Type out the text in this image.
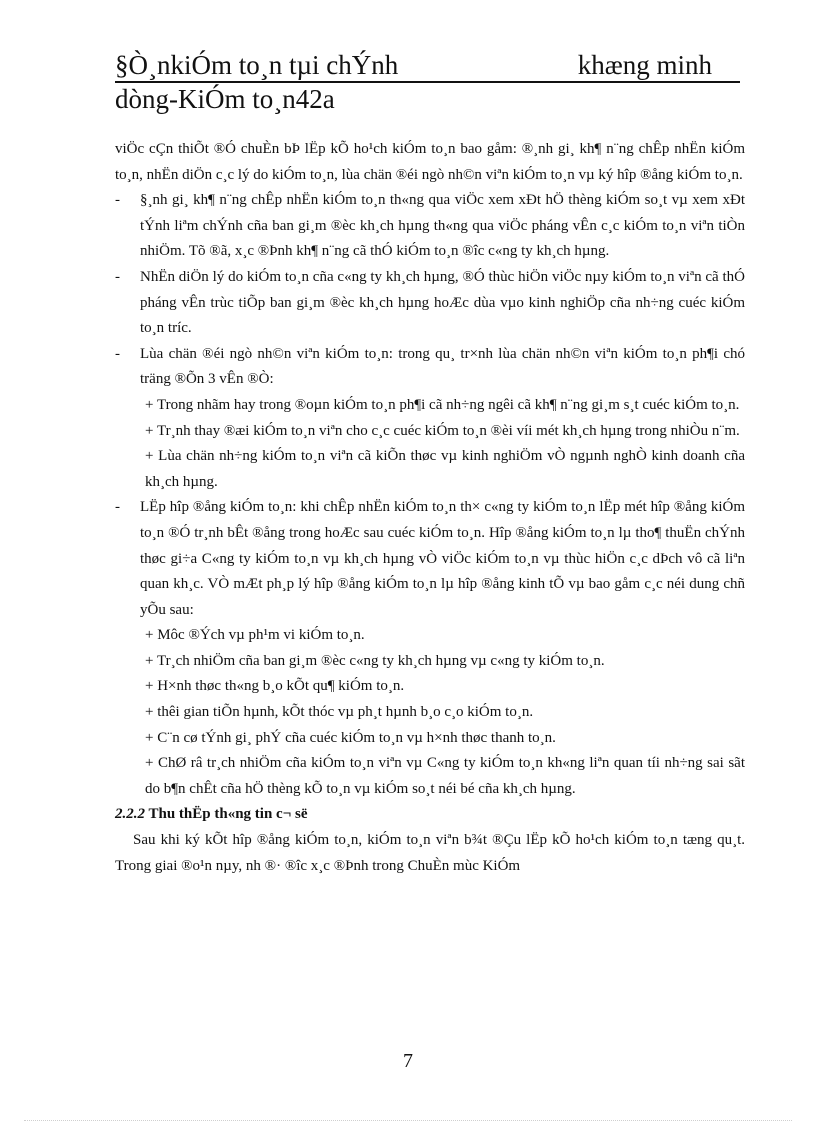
§Ò¸nkiÓm to¸n tµi chÝnh	khæng minh
dòng-KiÓm to¸n42a

viÖc cÇn thiÕt ®Ó chuÈn bÞ lËp kÕ ho¹ch kiÓm to¸n bao gåm: ®¸nh gi¸ kh¶ n¨ng chÊp nhËn kiÓm to¸n, nhËn diÖn c¸c lý do kiÓm to¸n, lùa chän ®éi ngò nh©n viªn kiÓm to¸n vµ ký hîp ®ång kiÓm to¸n.

- §¸nh gi¸ kh¶ n¨ng chÊp nhËn kiÓm to¸n th«ng qua viÖc xem xÐt hÖ thèng kiÓm so¸t vµ xem xÐt tÝnh liªm chÝnh cña ban gi¸m ®èc kh¸ch hµng th«ng qua viÖc pháng vÊn c¸c kiÓm to¸n viªn tiÒn nhiÖm. Tõ ®ã, x¸c ®Þnh kh¶ n¨ng cã thÓ kiÓm to¸n ®îc c«ng ty kh¸ch hµng.
- NhËn diÖn lý do kiÓm to¸n cña c«ng ty kh¸ch hµng, ®Ó thùc hiÖn viÖc nµy kiÓm to¸n viªn cã thÓ pháng vÊn trùc tiÕp ban gi¸m ®èc kh¸ch hµng hoÆc dùa vµo kinh nghiÖp cña nh÷ng cuéc kiÓm to¸n tríc.
- Lùa chän ®éi ngò nh©n viªn kiÓm to¸n: trong qu¸ tr×nh lùa chän nh©n viªn kiÓm to¸n ph¶i chó träng ®Õn 3 vÊn ®Ò:
+ Trong nhãm hay trong ®oµn kiÓm to¸n ph¶i cã nh÷ng ngêi cã kh¶ n¨ng gi¸m s¸t cuéc kiÓm to¸n.
+ Tr¸nh thay ®æi kiÓm to¸n viªn cho c¸c cuéc kiÓm to¸n ®èi víi mét kh¸ch hµng trong nhiÒu n¨m.
+ Lùa chän nh÷ng kiÓm to¸n viªn cã kiÕn thøc vµ kinh nghiÖm vÒ ngµnh nghÒ kinh doanh cña kh¸ch hµng.
- LËp hîp ®ång kiÓm to¸n: khi chÊp nhËn kiÓm to¸n th× c«ng ty kiÓm to¸n lËp mét hîp ®ång kiÓm to¸n ®Ó tr¸nh bÊt ®ång trong hoÆc sau cuéc kiÓm to¸n. Hîp ®ång kiÓm to¸n lµ tho¶ thuËn chÝnh thøc gi÷a C«ng ty kiÓm to¸n vµ kh¸ch hµng vÒ viÖc kiÓm to¸n vµ thùc hiÖn c¸c dÞch vô cã liªn quan kh¸c. VÒ mÆt ph¸p lý hîp ®ång kiÓm to¸n lµ hîp ®ång kinh tÕ vµ bao gåm c¸c néi dung chñ yÕu sau:
+ Môc ®Ých vµ ph¹m vi kiÓm to¸n.
+ Tr¸ch nhiÖm cña ban gi¸m ®èc c«ng ty kh¸ch hµng vµ c«ng ty kiÓm to¸n.
+ H×nh thøc th«ng b¸o kÕt qu¶ kiÓm to¸n.
+ thêi gian tiÕn hµnh, kÕt thóc vµ ph¸t hµnh b¸o c¸o kiÓm to¸n.
+ C¨n cø tÝnh gi¸ phÝ cña cuéc kiÓm to¸n vµ h×nh thøc thanh to¸n.
+ ChØ râ tr¸ch nhiÖm cña kiÓm to¸n viªn vµ C«ng ty kiÓm to¸n kh«ng liªn quan tíi nh÷ng sai sãt do b¶n chÊt cña hÖ thèng kÕ to¸n vµ kiÓm so¸t néi bé cña kh¸ch hµng.

2.2.2 Thu thËp th«ng tin c¬ së

Sau khi ký kÕt hîp ®ång kiÓm to¸n, kiÓm to¸n viªn b¾t ®Çu lËp kÕ ho¹ch kiÓm to¸n tæng qu¸t. Trong giai ®o¹n nµy, nh ®· ®îc x¸c ®Þnh trong ChuÈn mùc KiÓm

7
